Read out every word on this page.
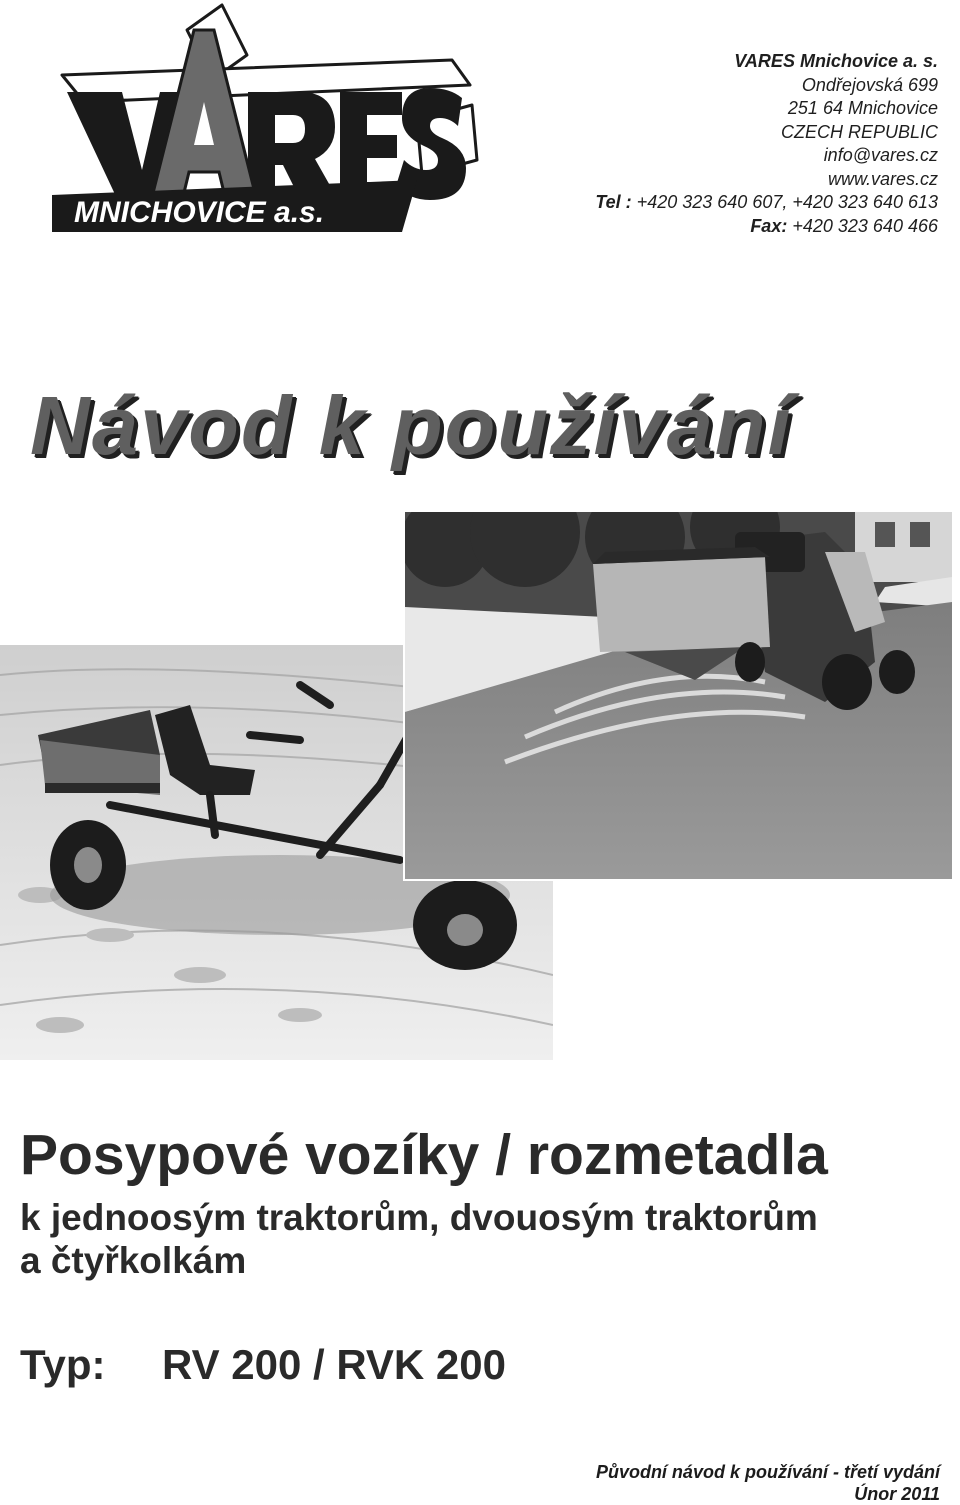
MNICHOVICE a.s.
VARES Mnichovice a. s.
Ondřejovská 699
251 64 Mnichovice
CZECH REPUBLIC
info@vares.cz
www.vares.cz
Tel : +420 323 640 607, +420 323 640 613
Fax: +420 323 640 466
Návod k používání
Posypové vozíky / rozmetadla
k jednoosým traktorům, dvouosým traktorům
a čtyřkolkám
Typ: RV 200 / RVK 200
Původní návod k používání - třetí vydání
Únor 2011
